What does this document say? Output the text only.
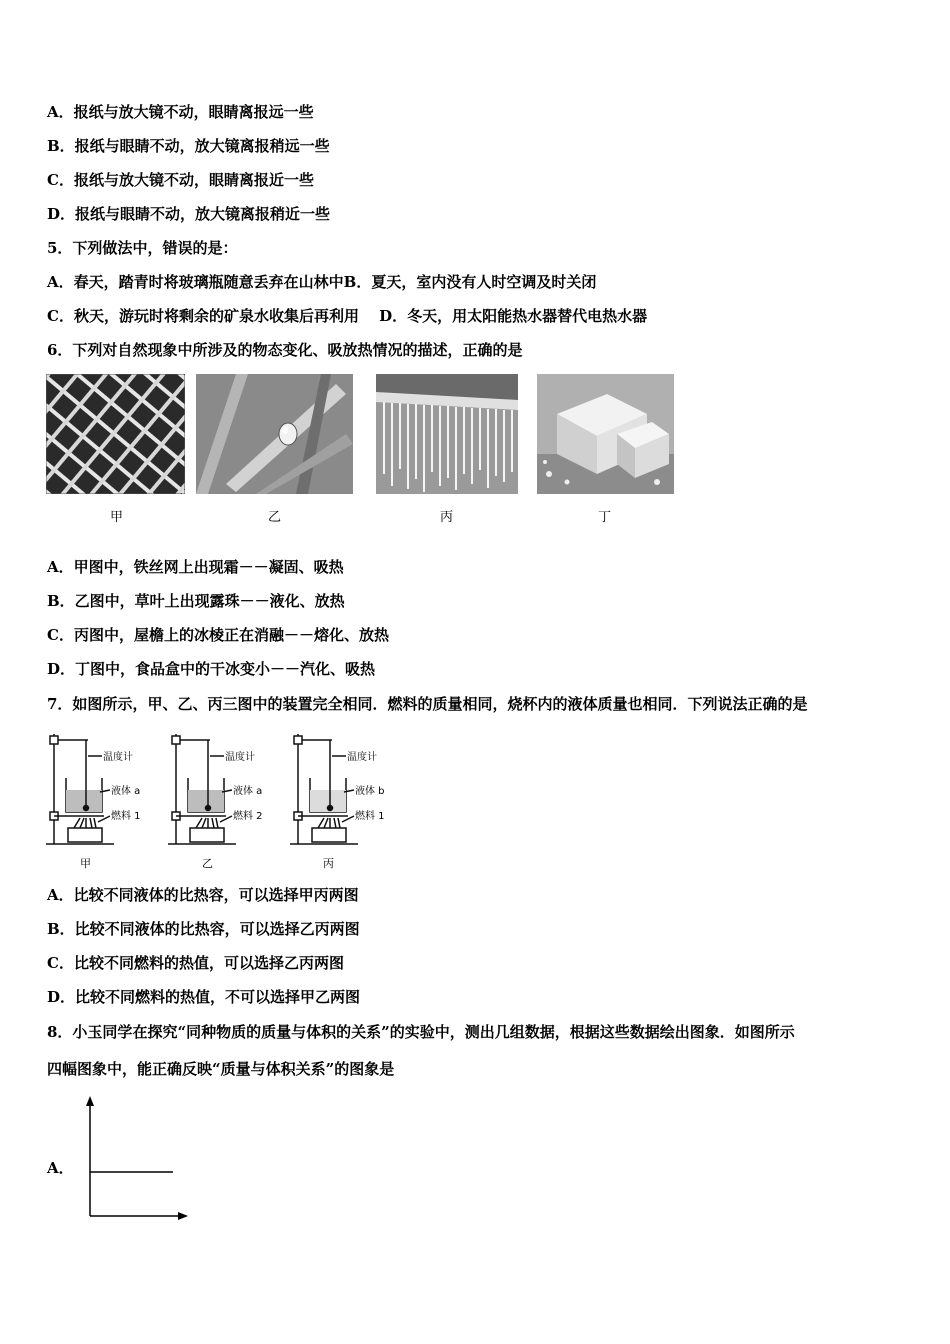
A．报纸与放大镜不动，眼睛离报远一些
B．报纸与眼睛不动，放大镜离报稍远一些
C．报纸与放大镜不动，眼睛离报近一些
D．报纸与眼睛不动，放大镜离报稍近一些
5．下列做法中，错误的是：
A．春天，踏青时将玻璃瓶随意丢弃在山林中B．夏天，室内没有人时空调及时关闭
C．秋天，游玩时将剩余的矿泉水收集后再利用　 D．冬天，用太阳能热水器替代电热水器
6．下列对自然现象中所涉及的物态变化、吸放热情况的描述，正确的是
甲	乙	丙	丁
A．甲图中，铁丝网上出现霜－－凝固、吸热
B．乙图中，草叶上出现露珠－－液化、放热
C．丙图中，屋檐上的冰棱正在消融－－熔化、放热
D．丁图中，食品盒中的干冰变小－－汽化、吸热
7．如图所示，甲、乙、丙三图中的装置完全相同．燃料的质量相同，烧杯内的液体质量也相同．下列说法正确的是
温度计
液体 a
燃料 1
温度计
液体 a
燃料 2
温度计
液体 b
燃料 1
甲	乙	丙
A．比较不同液体的比热容，可以选择甲丙两图
B．比较不同液体的比热容，可以选择乙丙两图
C．比较不同燃料的热值，可以选择乙丙两图
D．比较不同燃料的热值，不可以选择甲乙两图
8．小玉同学在探究“同种物质的质量与体积的关系”的实验中，测出几组数据，根据这些数据绘出图象．如图所示
四幅图象中，能正确反映“质量与体积关系”的图象是
A．
